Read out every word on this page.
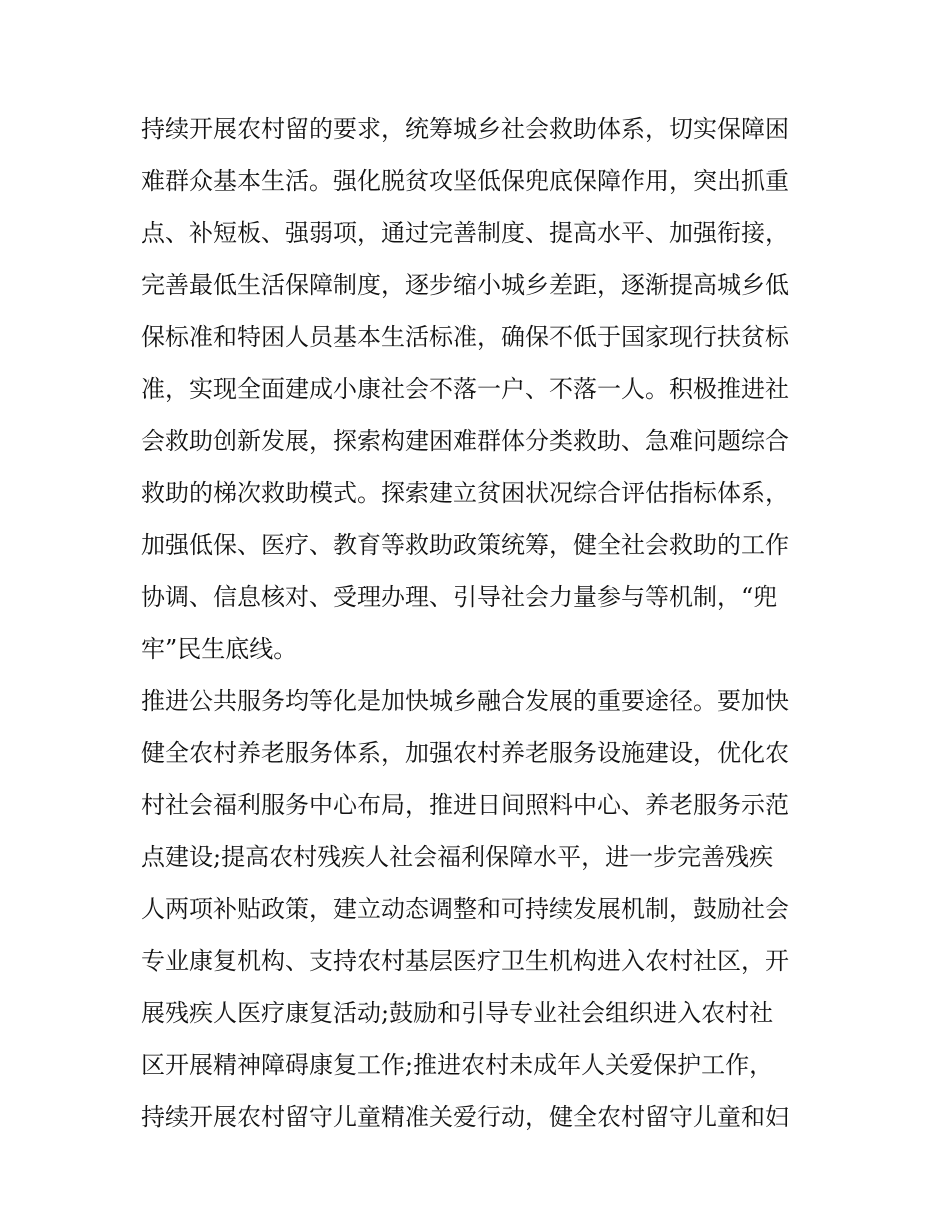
持续开展农村留的要求，统筹城乡社会救助体系，切实保障困

难群众基本生活。强化脱贫攻坚低保兜底保障作用，突出抓重

点、补短板、强弱项，通过完善制度、提高水平、加强衔接，

完善最低生活保障制度，逐步缩小城乡差距，逐渐提高城乡低

保标准和特困人员基本生活标准，确保不低于国家现行扶贫标

准，实现全面建成小康社会不落一户、不落一人。积极推进社

会救助创新发展，探索构建困难群体分类救助、急难问题综合

救助的梯次救助模式。探索建立贫困状况综合评估指标体系，

加强低保、医疗、教育等救助政策统筹，健全社会救助的工作

协调、信息核对、受理办理、引导社会力量参与等机制，“兜

牢”民生底线。

推进公共服务均等化是加快城乡融合发展的重要途径。要加快

健全农村养老服务体系，加强农村养老服务设施建设，优化农

村社会福利服务中心布局，推进日间照料中心、养老服务示范

点建设;提高农村残疾人社会福利保障水平，进一步完善残疾

人两项补贴政策，建立动态调整和可持续发展机制，鼓励社会

专业康复机构、支持农村基层医疗卫生机构进入农村社区，开

展残疾人医疗康复活动;鼓励和引导专业社会组织进入农村社

区开展精神障碍康复工作;推进农村未成年人关爱保护工作，

持续开展农村留守儿童精准关爱行动，健全农村留守儿童和妇
